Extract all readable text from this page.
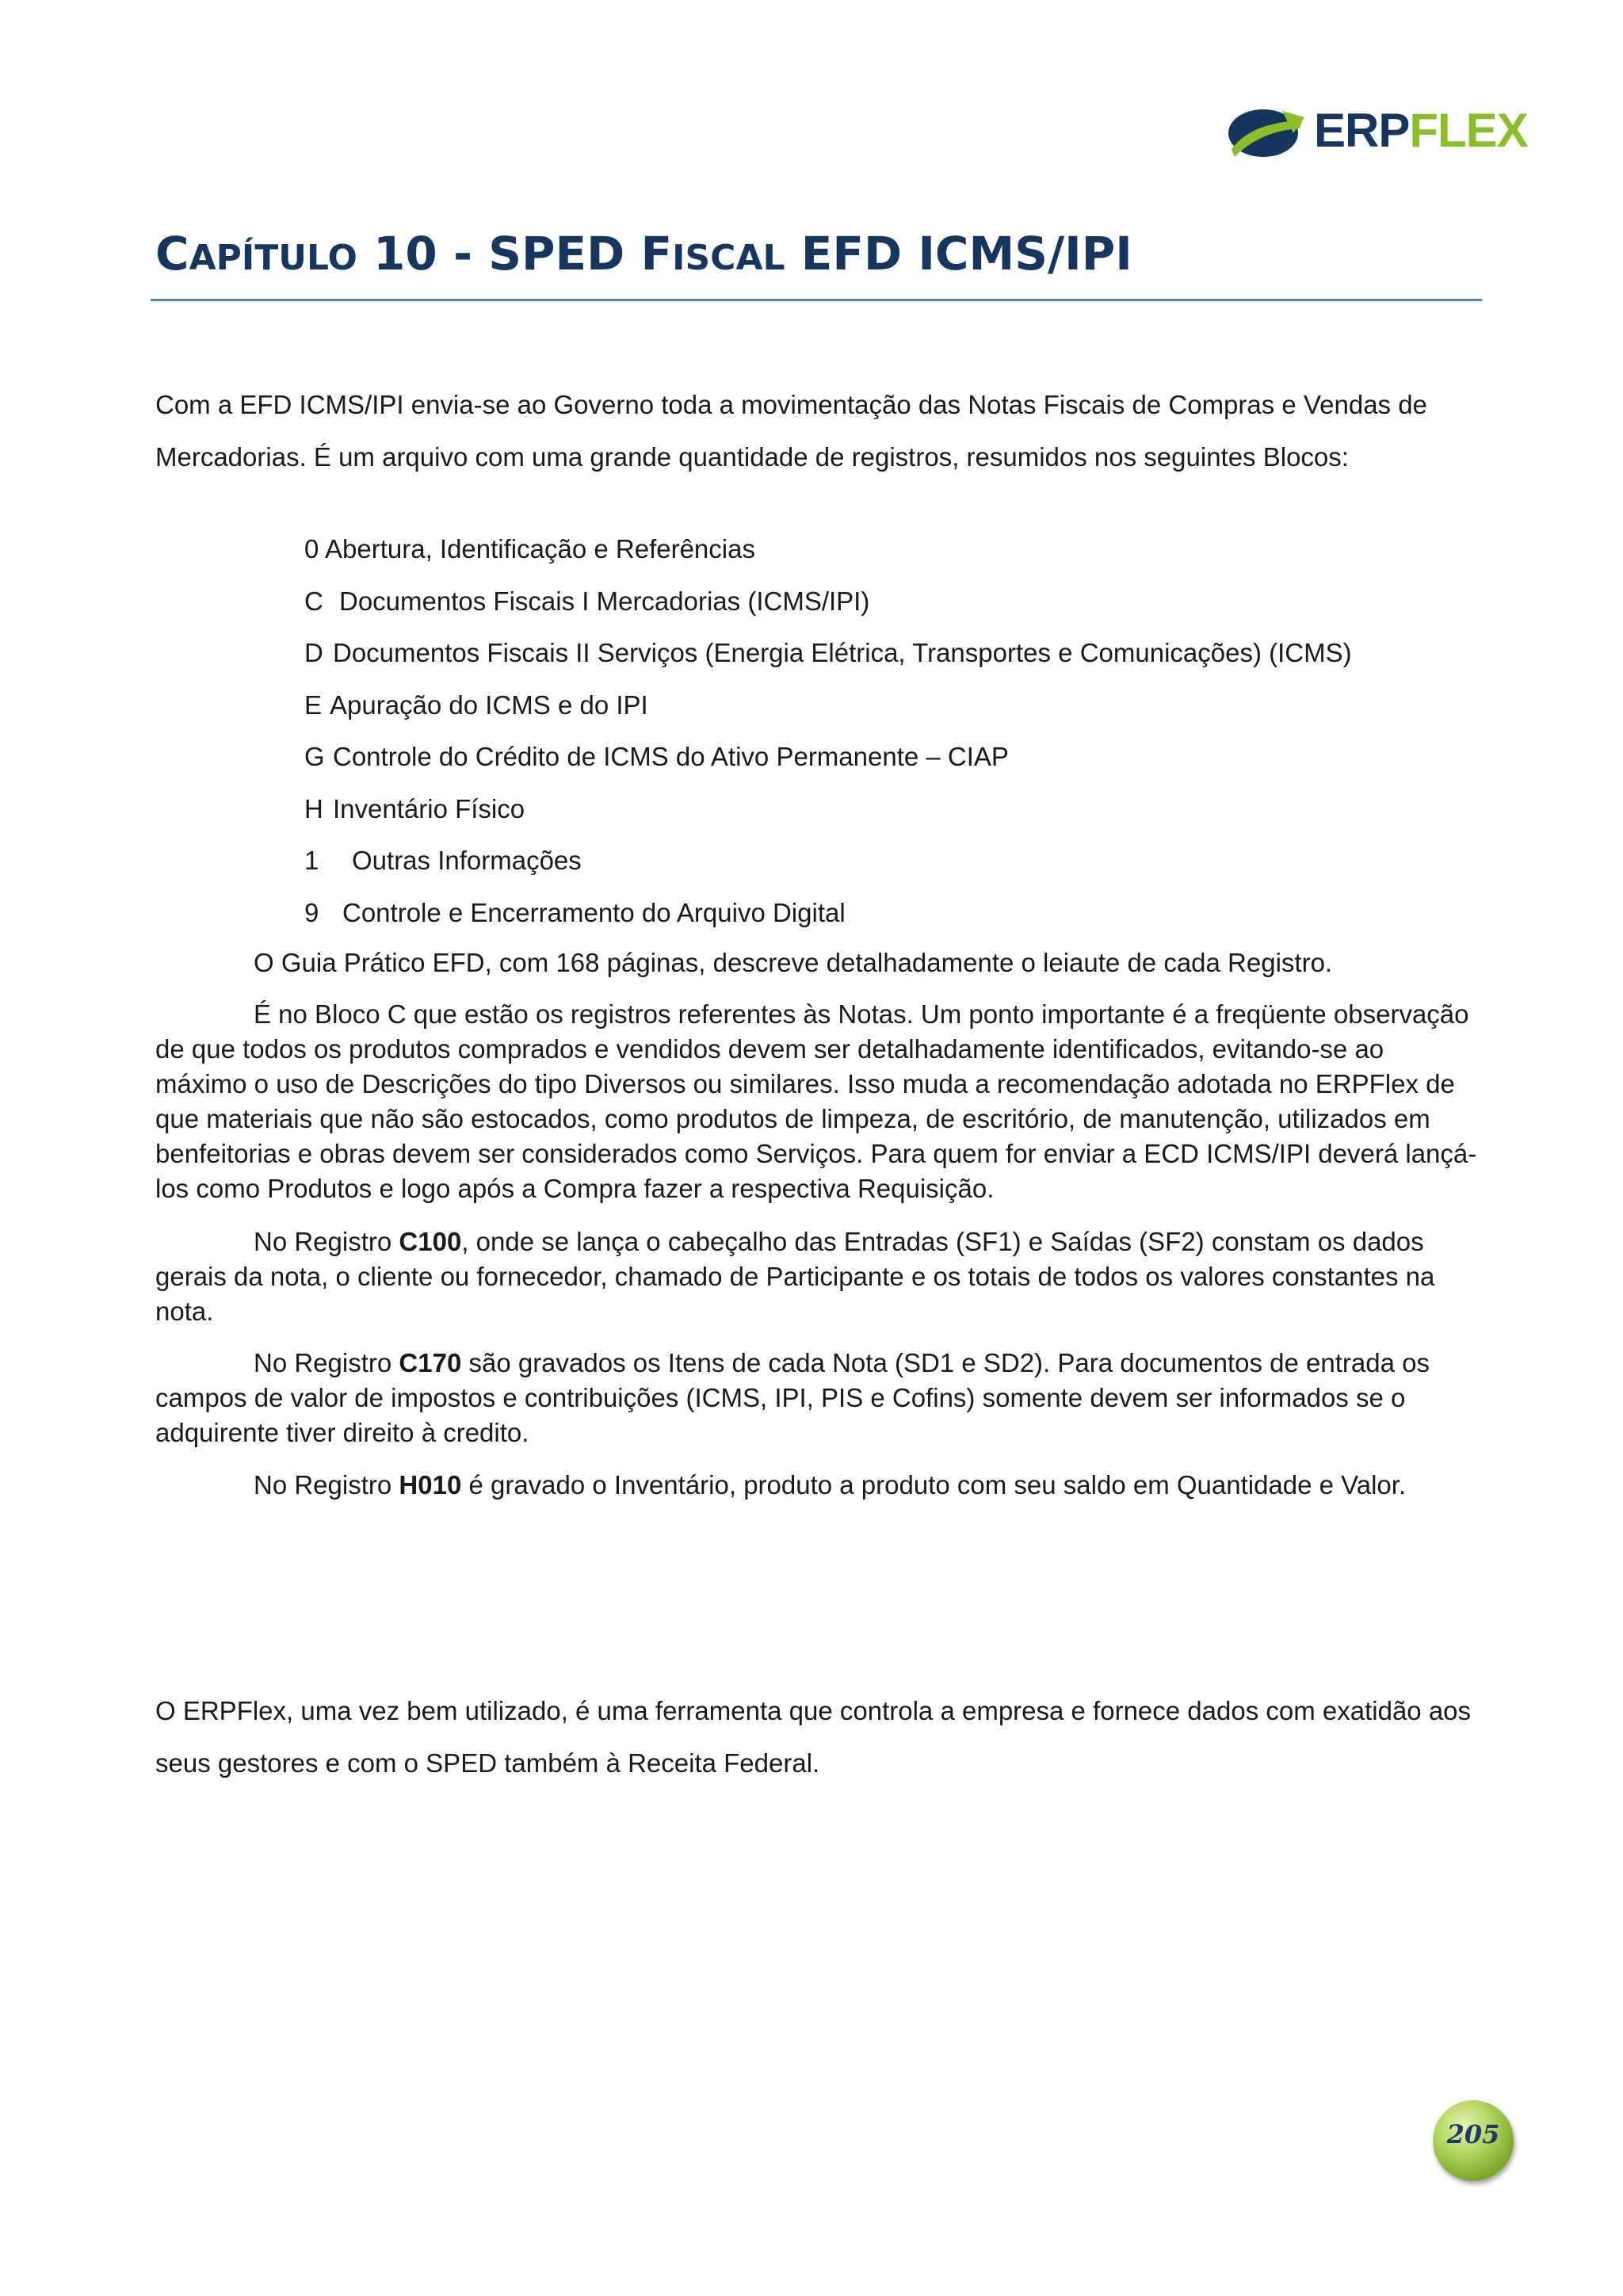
ERPFLEX
CAPÍTULO 10 - SPED FISCAL EFD ICMS/IPI

Com a EFD ICMS/IPI envia-se ao Governo toda a movimentação das Notas Fiscais de Compras e Vendas de Mercadorias. É um arquivo com uma grande quantidade de registros, resumidos nos seguintes Blocos:

0 Abertura, Identificação e Referências
C Documentos Fiscais I Mercadorias (ICMS/IPI)
D Documentos Fiscais II Serviços (Energia Elétrica, Transportes e Comunicações) (ICMS)
E Apuração do ICMS e do IPI
G Controle do Crédito de ICMS do Ativo Permanente – CIAP
H Inventário Físico
1 Outras Informações
9 Controle e Encerramento do Arquivo Digital

O Guia Prático EFD, com 168 páginas, descreve detalhadamente o leiaute de cada Registro.

É no Bloco C que estão os registros referentes às Notas. Um ponto importante é a freqüente observação de que todos os produtos comprados e vendidos devem ser detalhadamente identificados, evitando-se ao máximo o uso de Descrições do tipo Diversos ou similares. Isso muda a recomendação adotada no ERPFlex de que materiais que não são estocados, como produtos de limpeza, de escritório, de manutenção, utilizados em benfeitorias e obras devem ser considerados como Serviços. Para quem for enviar a ECD ICMS/IPI deverá lançá-los como Produtos e logo após a Compra fazer a respectiva Requisição.

No Registro C100, onde se lança o cabeçalho das Entradas (SF1) e Saídas (SF2) constam os dados gerais da nota, o cliente ou fornecedor, chamado de Participante e os totais de todos os valores constantes na nota.

No Registro C170 são gravados os Itens de cada Nota (SD1 e SD2). Para documentos de entrada os campos de valor de impostos e contribuições (ICMS, IPI, PIS e Cofins) somente devem ser informados se o adquirente tiver direito à credito.

No Registro H010 é gravado o Inventário, produto a produto com seu saldo em Quantidade e Valor.

O ERPFlex, uma vez bem utilizado, é uma ferramenta que controla a empresa e fornece dados com exatidão aos seus gestores e com o SPED também à Receita Federal.

205
